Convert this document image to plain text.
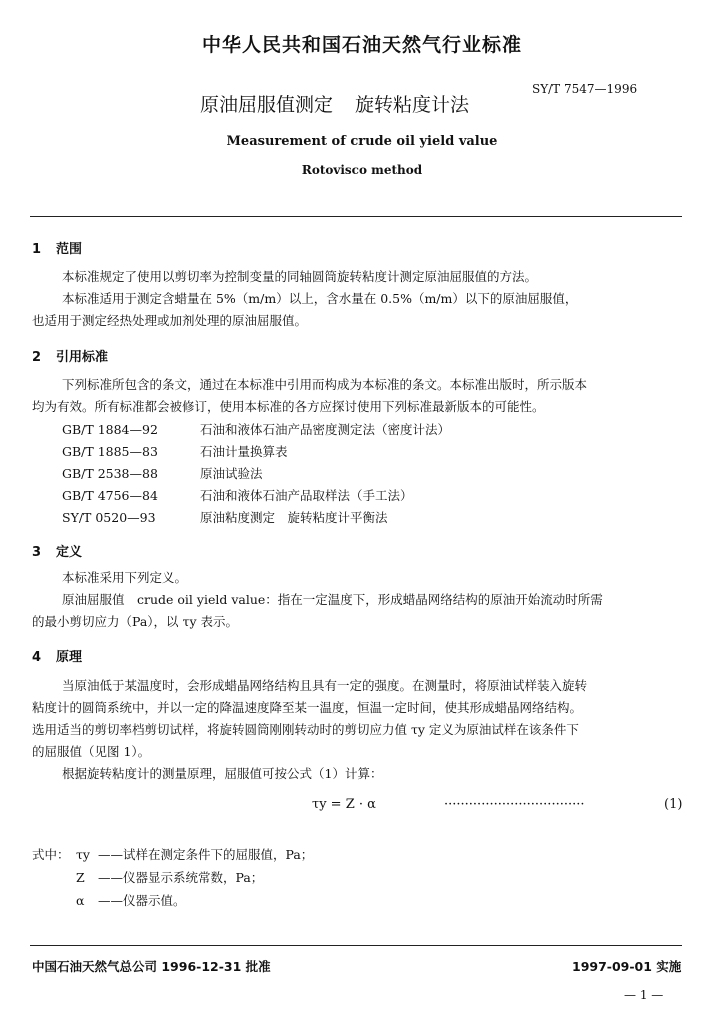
中华人民共和国石油天然气行业标准
原油屈服值测定 旋转粘度计法
SY/T 7547—1996
Measurement of crude oil yield value
Rotovisco method
1 范围
本标准规定了使用以剪切率为控制变量的同轴圆筒旋转粘度计测定原油屈服值的方法。
本标准适用于测定含蜡量在 5%（m/m）以上，含水量在 0.5%（m/m）以下的原油屈服值，
也适用于测定经热处理或加剂处理的原油屈服值。
2 引用标准
下列标准所包含的条文，通过在本标准中引用而构成为本标准的条文。本标准出版时，所示版本
均为有效。所有标准都会被修订，使用本标准的各方应探讨使用下列标准最新版本的可能性。
GB/T 1884—92	石油和液体石油产品密度测定法（密度计法）
GB/T 1885—83	石油计量换算表
GB/T 2538—88	原油试验法
GB/T 4756—84	石油和液体石油产品取样法（手工法）
SY/T 0520—93	原油粘度测定　旋转粘度计平衡法
3 定义
本标准采用下列定义。
原油屈服值　crude oil yield value：指在一定温度下，形成蜡晶网络结构的原油开始流动时所需
的最小剪切应力（Pa），以 τy 表示。
4 原理
当原油低于某温度时，会形成蜡晶网络结构且具有一定的强度。在测量时，将原油试样装入旋转
粘度计的圆筒系统中，并以一定的降温速度降至某一温度，恒温一定时间，使其形成蜡晶网络结构。
选用适当的剪切率档剪切试样，将旋转圆筒刚刚转动时的剪切应力值 τy 定义为原油试样在该条件下
的屈服值（见图 1）。
根据旋转粘度计的测量原理，屈服值可按公式（1）计算：
τy = Z · α	··································	(1)
式中： τy ——试样在测定条件下的屈服值，Pa；
Z ——仪器显示系统常数，Pa；
α ——仪器示值。
中国石油天然气总公司 1996-12-31 批准	1997-09-01 实施
— 1 —
